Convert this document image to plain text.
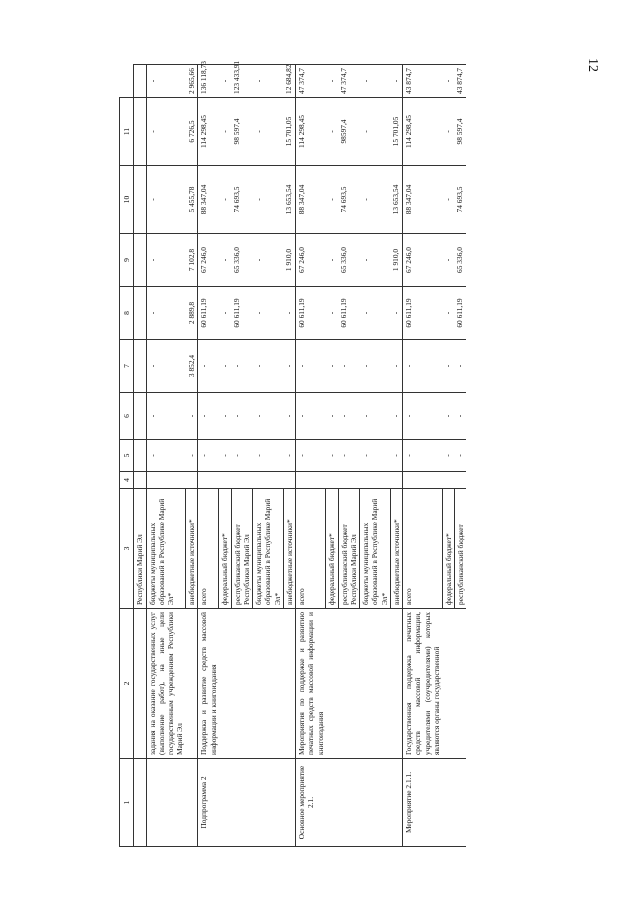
12
1	2	3	4	5	6	7	8	9	10	11	
		Республики Марий Эл									
	задания на оказание государственных услуг (выполнение работ), на иные цели государственным учреждениям Республики Марий Эл	бюджеты муниципальных образований в Республике Марий Эл*		-	-	-	-	-	-	-	-
		внебюджетные источники*		-	-	3 852,4	2 889,8	7 102,8	5 455,78	6 726,5	2 965,66
Подпрограмма 2	Поддержка и развитие средств массовой информации и книгоиздания	всего		-	-	-	60 611,19	67 246,0	88 347,04	114 298,45	136 118,73
		федеральный бюджет*		-	-	-	-	-	-	-	-
		республиканский бюджет Республики Марий Эл		-	-	-	60 611,19	65 336,0	74 693,5	98 597,4	123 433,91
		бюджеты муниципальных образований в Республике Марий Эл*		-	-	-	-	-	-	-	-
		внебюджетные источники*		-	-	-	-	1 910,0	13 653,54	15 701,05	12 684,82
Основное мероприятие 2.1.	Мероприятия по поддержке и развитию печатных средств массовой информации и книгоиздания	всего		-	-	-	60 611,19	67 246,0	88 347,04	114 298,45	47 374,7
		федеральный бюджет*		-	-	-	-	-	-	-	-
		республиканский бюджет Республики Марий Эл		-	-	-	60 611,19	65 336,0	74 693,5	98597,4	47 374,7
		бюджеты муниципальных образований в Республике Марий Эл*		-	-	-	-	-	-	-	-
		внебюджетные источники*		-	-	-	-	1 910,0	13 653,54	15 701,05	-
Мероприятие 2.1.1.	Государственная поддержка печатных средств массовой информации, учредителями (соучредителями) которых являются органы государственной	всего		-	-	-	60 611,19	67 246,0	88 347,04	114 298,45	43 874,7
		федеральный бюджет*		-	-	-	-	-	-	-	-
		республиканский бюджет		-	-	-	60 611,19	65 336,0	74 693,5	98 597,4	43 874,7
